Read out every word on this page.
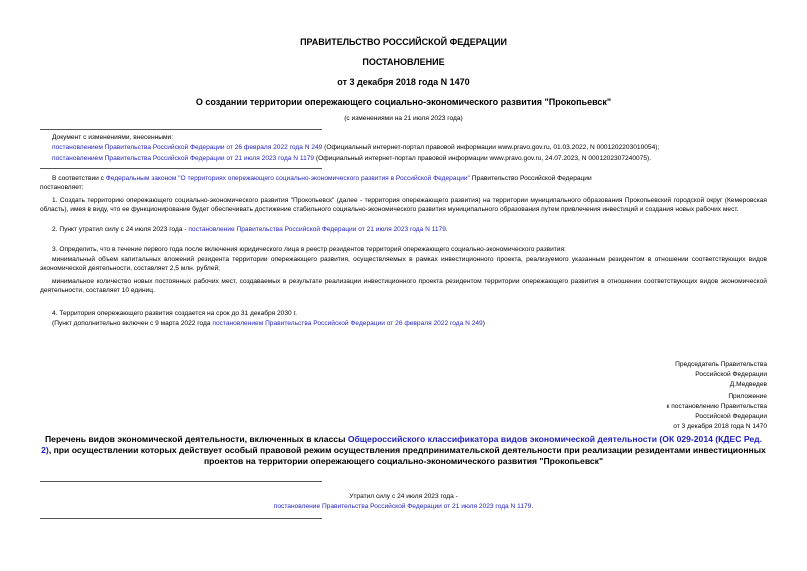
ПРАВИТЕЛЬСТВО РОССИЙСКОЙ ФЕДЕРАЦИИ
ПОСТАНОВЛЕНИЕ
от 3 декабря 2018 года N 1470
О создании территории опережающего социально-экономического развития "Прокопьевск"
(с изменениями на 21 июля 2023 года)
Документ с изменениями, внесенными:
постановлением Правительства Российской Федерации от 26 февраля 2022 года N 249 (Официальный интернет-портал правовой информации www.pravo.gov.ru, 01.03.2022, N 0001202203010054);
постановлением Правительства Российской Федерации от 21 июля 2023 года N 1179 (Официальный интернет-портал правовой информации www.pravo.gov.ru, 24.07.2023, N 0001202307240075).
В соответствии с Федеральным законом "О территориях опережающего социально-экономического развития в Российской Федерации" Правительство Российской Федерации
постановляет:
1. Создать территорию опережающего социально-экономического развития "Прокопьевск" (далее - территория опережающего развития) на территории муниципального образования Прокопьевский городской округ (Кемеровская область), имея в виду, что ее функционирование будет обеспечивать достижение стабильного социально-экономического развития муниципального образования путем привлечения инвестиций и создания новых рабочих мест.
2. Пункт утратил силу с 24 июля 2023 года - постановление Правительства Российской Федерации от 21 июля 2023 года N 1179.
3. Определить, что в течение первого года после включения юридического лица в реестр резидентов территорий опережающего социально-экономического развития:
минимальный объем капитальных вложений резидента территории опережающего развития, осуществляемых в рамках инвестиционного проекта, реализуемого указанным резидентом в отношении соответствующих видов экономической деятельности, составляет 2,5 млн. рублей;
минимальное количество новых постоянных рабочих мест, создаваемых в результате реализации инвестиционного проекта резидентом территории опережающего развития в отношении соответствующих видов экономической деятельности, составляет 10 единиц.
4. Территория опережающего развития создается на срок до 31 декабря 2030 г.
(Пункт дополнительно включен с 9 марта 2022 года постановлением Правительства Российской Федерации от 26 февраля 2022 года N 249)
Председатель Правительства
Российской Федерации
Д.Медведев
Приложение
к постановлению Правительства
Российской Федерации
от 3 декабря 2018 года N 1470
Перечень видов экономической деятельности, включенных в классы Общероссийского классификатора видов экономической деятельности (ОК 029-2014 (КДЕС Ред. 2), при осуществлении которых действует особый правовой режим осуществления предпринимательской деятельности при реализации резидентами инвестиционных проектов на территории опережающего социально-экономического развития "Прокопьевск"
Утратил силу с 24 июля 2023 года -
постановление Правительства Российской Федерации от 21 июля 2023 года N 1179.
